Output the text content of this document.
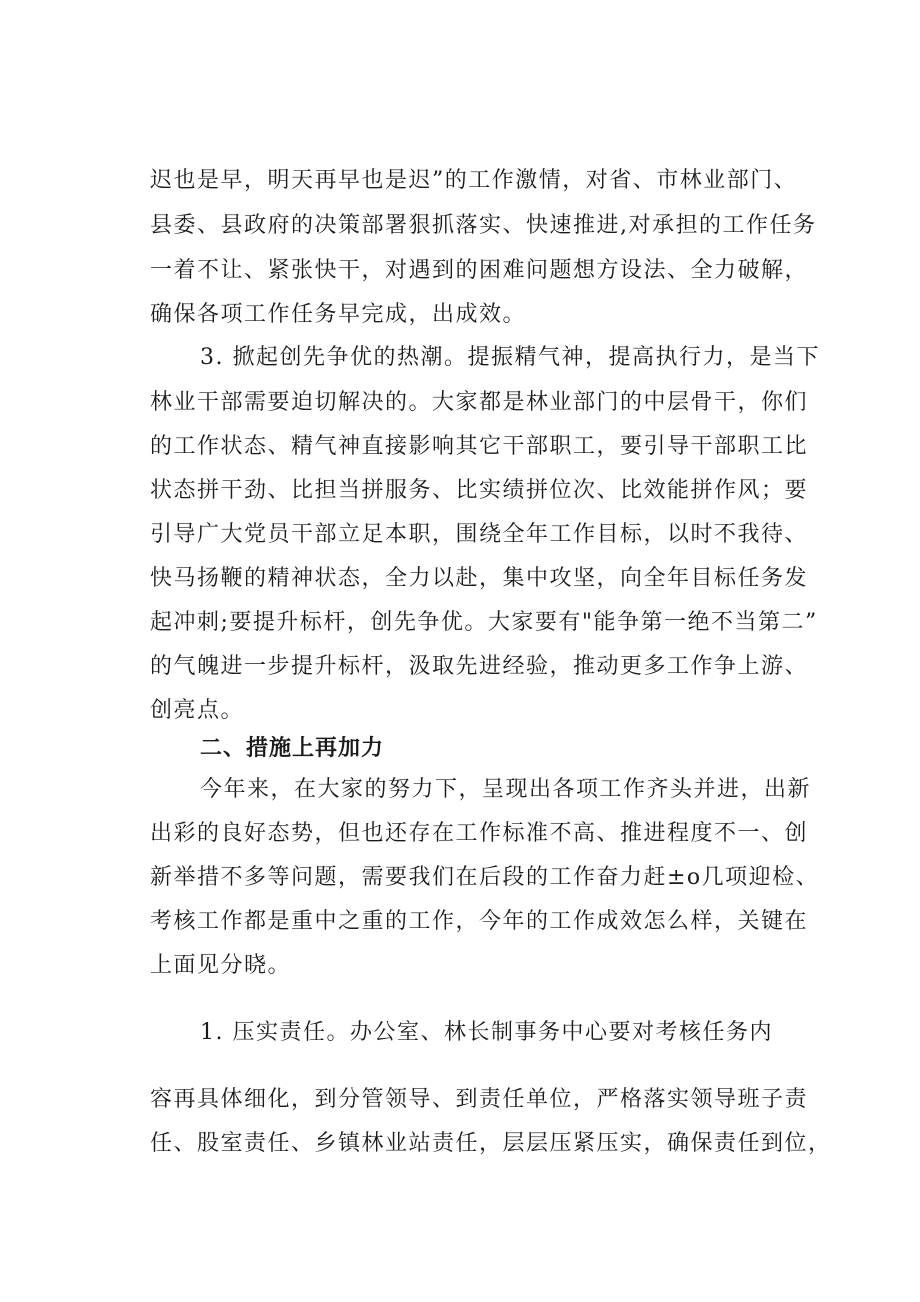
迟也是早，明天再早也是迟”的工作激情，对省、市林业部门、
县委、县政府的决策部署狠抓落实、快速推进,对承担的工作任务
一着不让、紧张快干，对遇到的困难问题想方设法、全力破解，
确保各项工作任务早完成，出成效。
3. 掀起创先争优的热潮。提振精气神，提高执行力，是当下
林业干部需要迫切解决的。大家都是林业部门的中层骨干，你们
的工作状态、精气神直接影响其它干部职工，要引导干部职工比
状态拼干劲、比担当拼服务、比实绩拼位次、比效能拼作风；要
引导广大党员干部立足本职，围绕全年工作目标，以时不我待、
快马扬鞭的精神状态，全力以赴，集中攻坚，向全年目标任务发
起冲刺;要提升标杆，创先争优。大家要有"能争第一绝不当第二”
的气魄进一步提升标杆，汲取先进经验，推动更多工作争上游、
创亮点。
二、措施上再加力
今年来，在大家的努力下，呈现出各项工作齐头并进，出新
出彩的良好态势，但也还存在工作标准不高、推进程度不一、创
新举措不多等问题，需要我们在后段的工作奋力赶±o几项迎检、
考核工作都是重中之重的工作，今年的工作成效怎么样，关键在
上面见分晓。
1. 压实责任。办公室、林长制事务中心要对考核任务内
容再具体细化，到分管领导、到责任单位，严格落实领导班子责
任、股室责任、乡镇林业站责任，层层压紧压实，确保责任到位，
